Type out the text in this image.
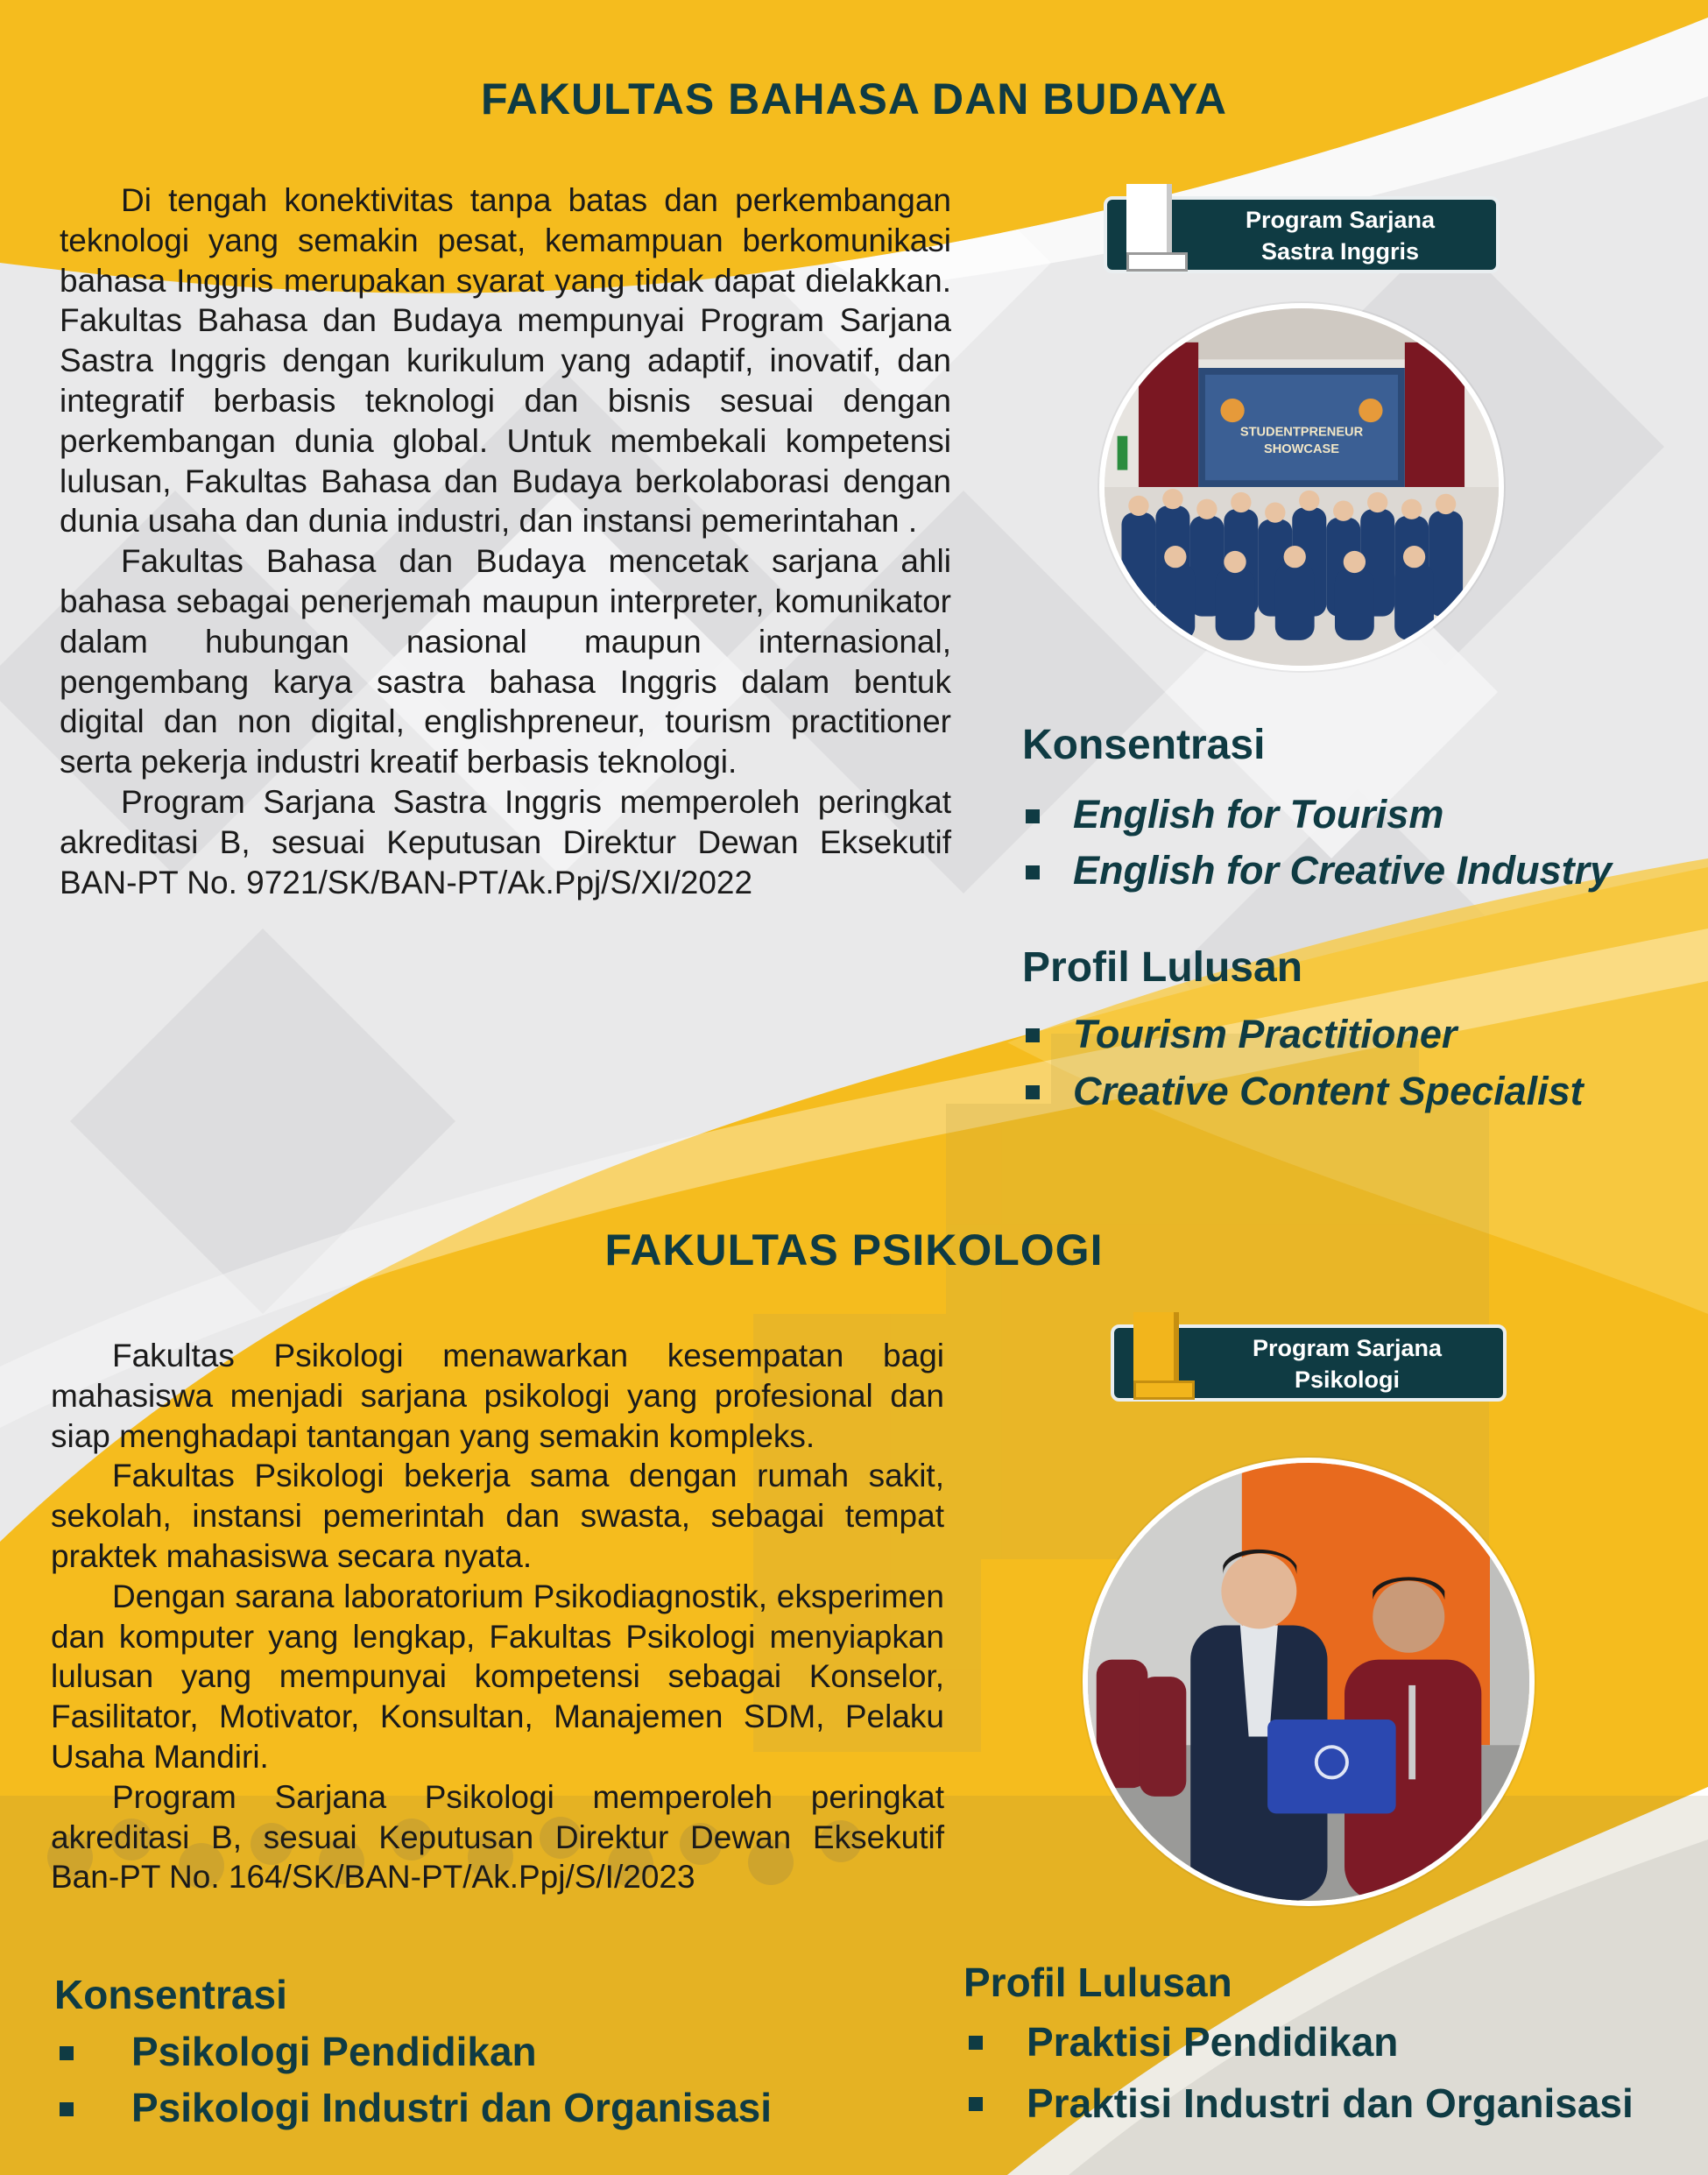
FAKULTAS BAHASA DAN BUDAYA

Di tengah konektivitas tanpa batas dan perkembangan teknologi yang semakin pesat, kemampuan berkomunikasi bahasa Inggris merupakan syarat yang tidak dapat dielakkan. Fakultas Bahasa dan Budaya mempunyai Program Sarjana Sastra Inggris dengan kurikulum yang adaptif, inovatif, dan integratif berbasis teknologi dan bisnis sesuai dengan perkembangan dunia global. Untuk membekali kompetensi lulusan, Fakultas Bahasa dan Budaya berkolaborasi dengan dunia usaha dan dunia industri, dan instansi pemerintahan .

Fakultas Bahasa dan Budaya mencetak sarjana ahli bahasa sebagai penerjemah maupun interpreter, komunikator dalam hubungan nasional maupun internasional, pengembang karya sastra bahasa Inggris dalam bentuk digital dan non digital, englishpreneur, tourism practitioner serta pekerja industri kreatif berbasis teknologi.

Program Sarjana Sastra Inggris memperoleh peringkat akreditasi B, sesuai Keputusan Direktur Dewan Eksekutif BAN-PT No. 9721/SK/BAN-PT/Ak.Ppj/S/XI/2022

Program Sarjana
Sastra Inggris
STUDENTPRENEUR
SHOWCASE
Konsentrasi
English for Tourism
English for Creative Industry
Profil Lulusan
Tourism Practitioner
Creative Content Specialist
FAKULTAS PSIKOLOGI

Fakultas Psikologi menawarkan kesempatan bagi mahasiswa menjadi sarjana psikologi yang profesional dan siap menghadapi tantangan yang semakin kompleks.

Fakultas Psikologi bekerja sama dengan rumah sakit, sekolah, instansi pemerintah dan swasta, sebagai tempat praktek mahasiswa secara nyata.

Dengan sarana laboratorium Psikodiagnostik, eksperimen dan komputer yang lengkap, Fakultas Psikologi menyiapkan lulusan yang mempunyai kompetensi sebagai Konselor, Fasilitator, Motivator, Konsultan, Manajemen SDM, Pelaku Usaha Mandiri.

Program Sarjana Psikologi memperoleh peringkat akreditasi B, sesuai Keputusan Direktur Dewan Eksekutif Ban-PT No. 164/SK/BAN-PT/Ak.Ppj/S/I/2023

Program Sarjana
Psikologi
Konsentrasi
Psikologi Pendidikan
Psikologi Industri dan Organisasi
Profil Lulusan
Praktisi Pendidikan
Praktisi Industri dan Organisasi
